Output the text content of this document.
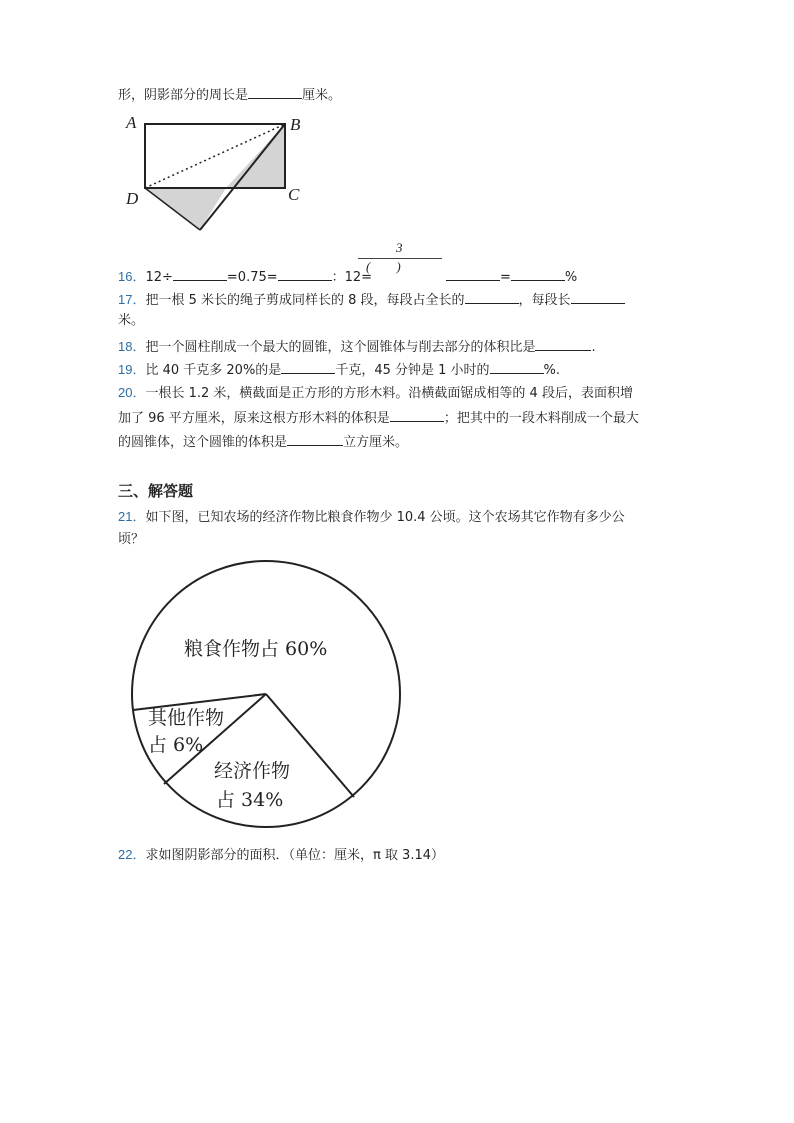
形，阴影部分的周长是	厘米。
A	B
C
D
16．12÷	=0.75=	：12=
3
(        )
=	%
17．把一根 5 米长的绳子剪成同样长的 8 段，每段占全长的	，每段长
米。
18．把一个圆柱削成一个最大的圆锥，这个圆锥体与削去部分的体积比是	.
19．比 40 千克多 20%的是	千克，45 分钟是 1 小时的	%.
20．一根长 1.2 米，横截面是正方形的方形木料。沿横截面锯成相等的 4 段后，表面积增
加了 96 平方厘米，原来这根方形木料的体积是	；把其中的一段木料削成一个最大
的圆锥体，这个圆锥的体积是	立方厘米。
三、解答题
21．如下图，已知农场的经济作物比粮食作物少 10.4 公顷。这个农场其它作物有多少公
顷？
粮食作物占 60%
其他作物
占 6%
经济作物
占 34%
22．求如图阴影部分的面积．（单位：厘米，π 取 3.14）
